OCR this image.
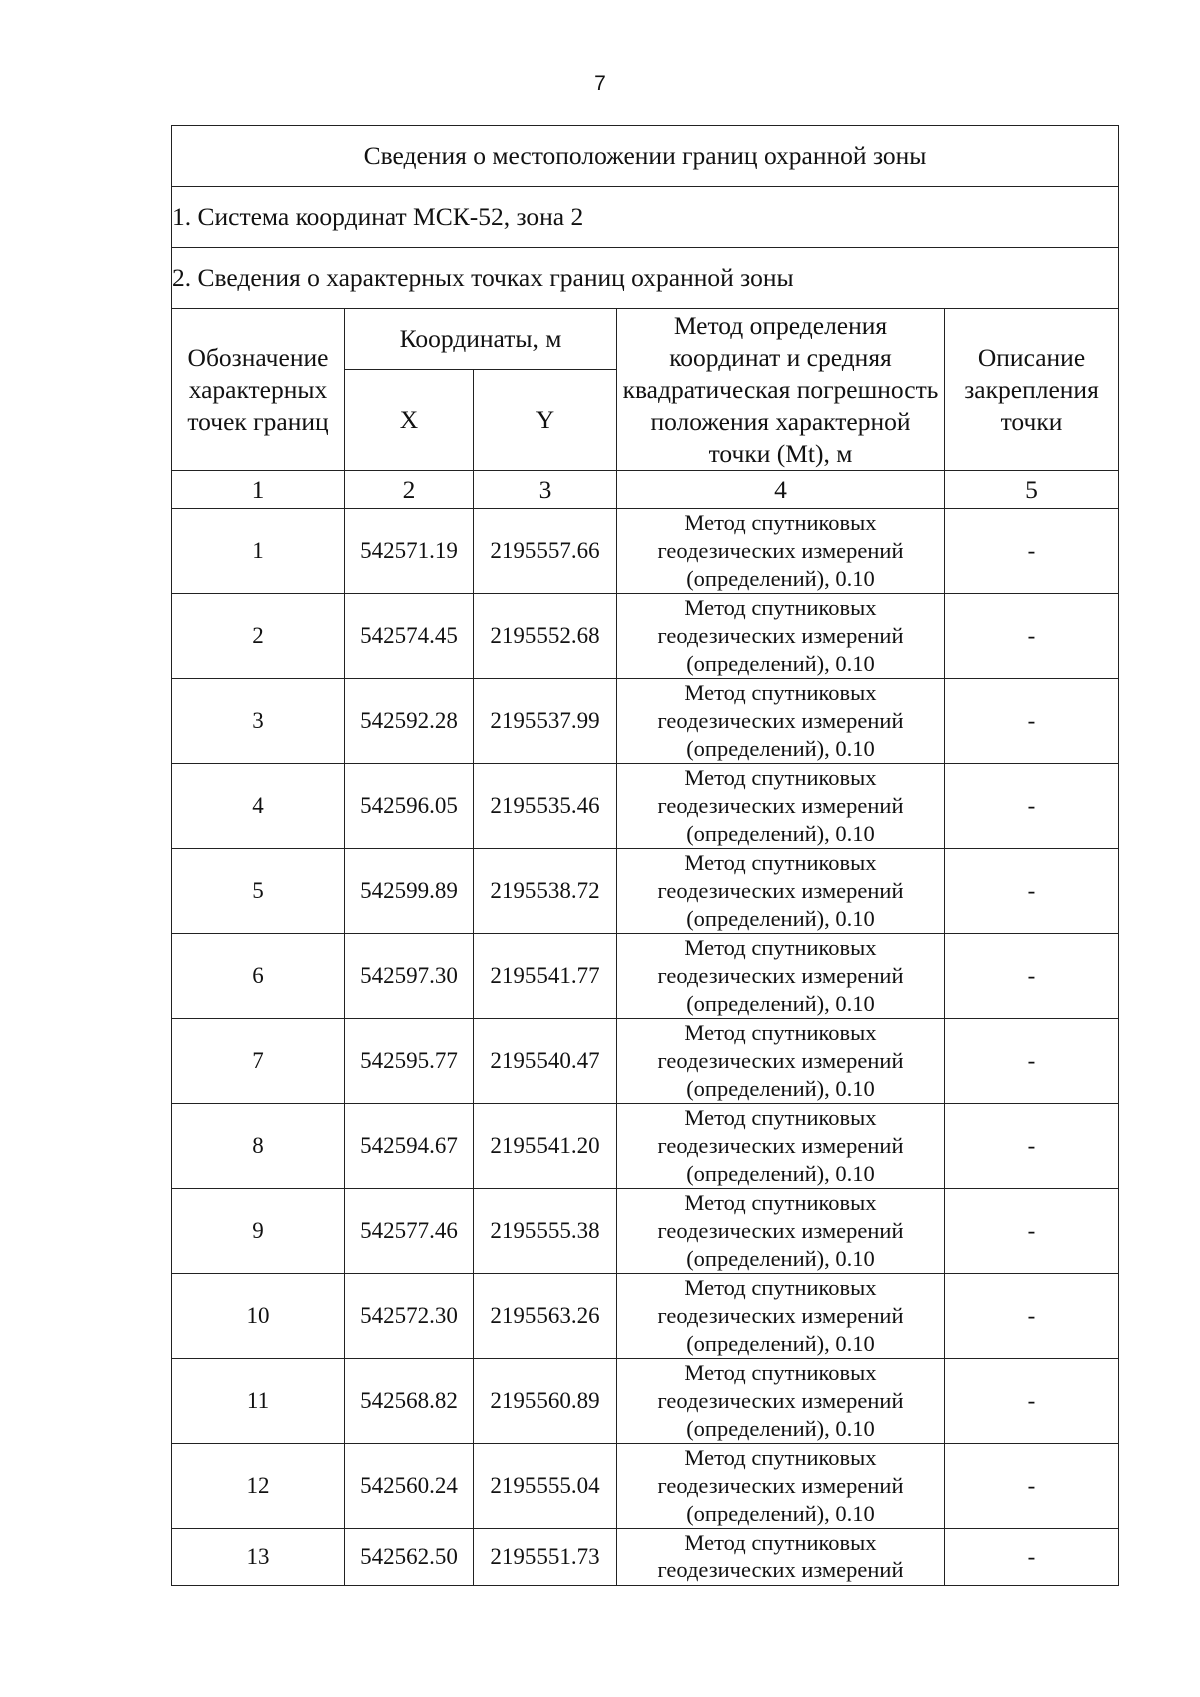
7
Сведения о местоположении границ охранной зоны				
1. Система координат МСК-52, зона 2				
2. Сведения о характерных точках границ охранной зоны				
Обозначение характерных точек границ	Координаты, м		Метод определения координат и средняя квадратическая погрешность положения характерной точки (Mt), м	Описание закрепления точки
	X	Y		
1	2	3	4	5
1	542571.19	2195557.66	Метод спутниковых геодезических измерений (определений), 0.10	-
2	542574.45	2195552.68	Метод спутниковых геодезических измерений (определений), 0.10	-
3	542592.28	2195537.99	Метод спутниковых геодезических измерений (определений), 0.10	-
4	542596.05	2195535.46	Метод спутниковых геодезических измерений (определений), 0.10	-
5	542599.89	2195538.72	Метод спутниковых геодезических измерений (определений), 0.10	-
6	542597.30	2195541.77	Метод спутниковых геодезических измерений (определений), 0.10	-
7	542595.77	2195540.47	Метод спутниковых геодезических измерений (определений), 0.10	-
8	542594.67	2195541.20	Метод спутниковых геодезических измерений (определений), 0.10	-
9	542577.46	2195555.38	Метод спутниковых геодезических измерений (определений), 0.10	-
10	542572.30	2195563.26	Метод спутниковых геодезических измерений (определений), 0.10	-
11	542568.82	2195560.89	Метод спутниковых геодезических измерений (определений), 0.10	-
12	542560.24	2195555.04	Метод спутниковых геодезических измерений (определений), 0.10	-
13	542562.50	2195551.73	Метод спутниковых геодезических измерений	-
